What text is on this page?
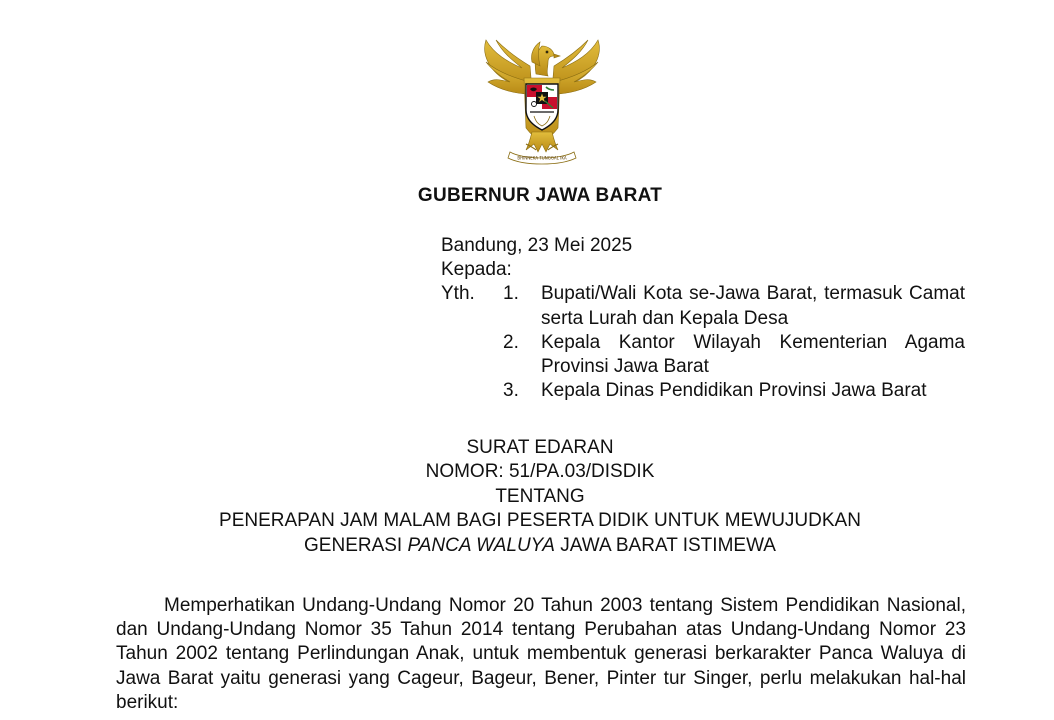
BHINNEKA TUNGGAL IKA
GUBERNUR JAWA BARAT
Bandung, 23 Mei 2025
Kepada:
Yth. 1. Bupati/Wali Kota se-Jawa Barat, termasuk Camat serta Lurah dan Kepala Desa
2. Kepala Kantor Wilayah Kementerian Agama Provinsi Jawa Barat
3. Kepala Dinas Pendidikan Provinsi Jawa Barat
SURAT EDARAN
NOMOR: 51/PA.03/DISDIK
TENTANG
PENERAPAN JAM MALAM BAGI PESERTA DIDIK UNTUK MEWUJUDKAN
GENERASI PANCA WALUYA JAWA BARAT ISTIMEWA

Memperhatikan Undang-Undang Nomor 20 Tahun 2003 tentang Sistem Pendidikan Nasional, dan Undang-Undang Nomor 35 Tahun 2014 tentang Perubahan atas Undang-Undang Nomor 23 Tahun 2002 tentang Perlindungan Anak, untuk membentuk generasi berkarakter Panca Waluya di Jawa Barat yaitu generasi yang Cageur, Bageur, Bener, Pinter tur Singer, perlu melakukan hal-hal berikut:
